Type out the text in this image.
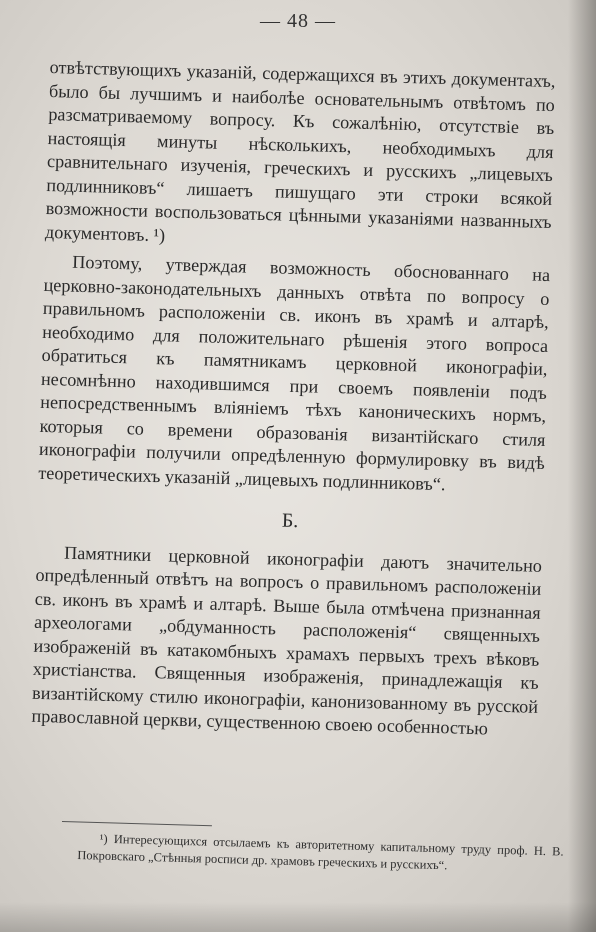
— 48 —

отвѣтствующихъ указаній, содержащихся въ этихъ документахъ, было бы лучшимъ и наиболѣе основательнымъ отвѣтомъ по разсматриваемому вопросу. Къ сожалѣнію, отсутствіе въ настоящія минуты нѣсколькихъ, необходимыхъ для сравнительнаго изученія, греческихъ и русскихъ „лицевыхъ подлинниковъ“ лишаетъ пишущаго эти строки всякой возможности воспользоваться цѣнными указаніями названныхъ документовъ. ¹)

Поэтому, утверждая возможность обоснованнаго на церковно-законодательныхъ данныхъ отвѣта по вопросу о правильномъ расположеніи св. иконъ въ храмѣ и алтарѣ, необходимо для положительнаго рѣшенія этого вопроса обратиться къ памятникамъ церковной иконографіи, несомнѣнно находившимся при своемъ появленіи подъ непосредственнымъ вліяніемъ тѣхъ каноническихъ нормъ, которыя со времени образованія византійскаго стиля иконографіи получили опредѣленную формулировку въ видѣ теоретическихъ указаній „лицевыхъ подлинниковъ“.

Б.

Памятники церковной иконографіи даютъ значительно опредѣленный отвѣтъ на вопросъ о правильномъ расположеніи св. иконъ въ храмѣ и алтарѣ. Выше была отмѣчена признанная археологами „обдуманность расположенія“ священныхъ изображеній въ катакомбныхъ храмахъ первыхъ трехъ вѣковъ христіанства. Священныя изображенія, принадлежащія къ византійскому стилю иконографіи, канонизованному въ русской православной церкви, существенною своею особенностью

¹) Интересующихся отсылаемъ къ авторитетному капитальному труду проф. Н. В. Покровскаго „Стѣнныя росписи др. храмовъ греческихъ и русскихъ“.
